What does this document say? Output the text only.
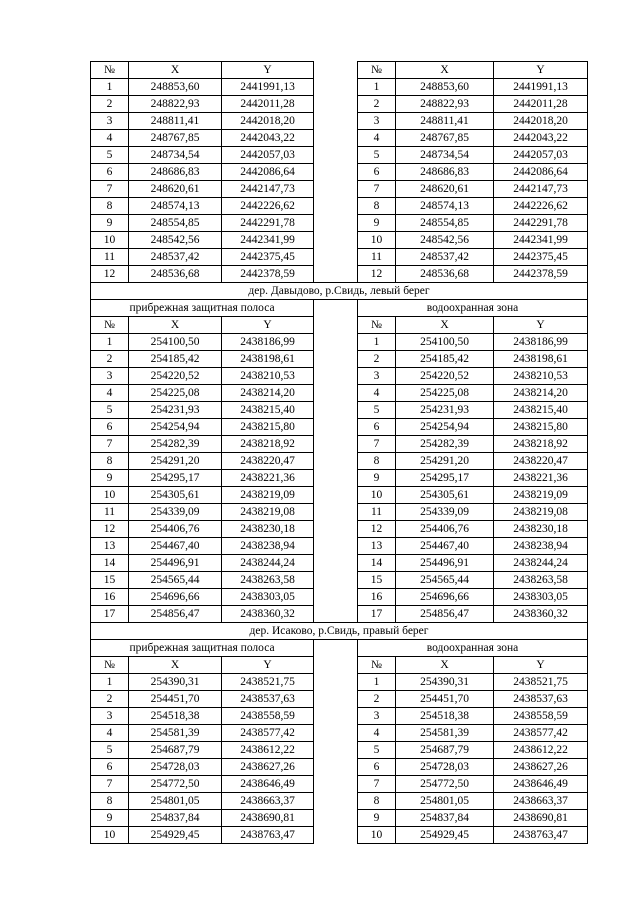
№	X	Y		№	X	Y
1	248853,60	2441991,13		1	248853,60	2441991,13
2	248822,93	2442011,28		2	248822,93	2442011,28
3	248811,41	2442018,20		3	248811,41	2442018,20
4	248767,85	2442043,22		4	248767,85	2442043,22
5	248734,54	2442057,03		5	248734,54	2442057,03
6	248686,83	2442086,64		6	248686,83	2442086,64
7	248620,61	2442147,73		7	248620,61	2442147,73
8	248574,13	2442226,62		8	248574,13	2442226,62
9	248554,85	2442291,78		9	248554,85	2442291,78
10	248542,56	2442341,99		10	248542,56	2442341,99
11	248537,42	2442375,45		11	248537,42	2442375,45
12	248536,68	2442378,59		12	248536,68	2442378,59
дер. Давыдово, р.Свидь, левый берег						
прибрежная защитная полоса				водоохранная зона		
№	X	Y		№	X	Y
1	254100,50	2438186,99		1	254100,50	2438186,99
2	254185,42	2438198,61		2	254185,42	2438198,61
3	254220,52	2438210,53		3	254220,52	2438210,53
4	254225,08	2438214,20		4	254225,08	2438214,20
5	254231,93	2438215,40		5	254231,93	2438215,40
6	254254,94	2438215,80		6	254254,94	2438215,80
7	254282,39	2438218,92		7	254282,39	2438218,92
8	254291,20	2438220,47		8	254291,20	2438220,47
9	254295,17	2438221,36		9	254295,17	2438221,36
10	254305,61	2438219,09		10	254305,61	2438219,09
11	254339,09	2438219,08		11	254339,09	2438219,08
12	254406,76	2438230,18		12	254406,76	2438230,18
13	254467,40	2438238,94		13	254467,40	2438238,94
14	254496,91	2438244,24		14	254496,91	2438244,24
15	254565,44	2438263,58		15	254565,44	2438263,58
16	254696,66	2438303,05		16	254696,66	2438303,05
17	254856,47	2438360,32		17	254856,47	2438360,32
дер. Исаково, р.Свидь, правый берег						
прибрежная защитная полоса				водоохранная зона		
№	X	Y		№	X	Y
1	254390,31	2438521,75		1	254390,31	2438521,75
2	254451,70	2438537,63		2	254451,70	2438537,63
3	254518,38	2438558,59		3	254518,38	2438558,59
4	254581,39	2438577,42		4	254581,39	2438577,42
5	254687,79	2438612,22		5	254687,79	2438612,22
6	254728,03	2438627,26		6	254728,03	2438627,26
7	254772,50	2438646,49		7	254772,50	2438646,49
8	254801,05	2438663,37		8	254801,05	2438663,37
9	254837,84	2438690,81		9	254837,84	2438690,81
10	254929,45	2438763,47		10	254929,45	2438763,47
